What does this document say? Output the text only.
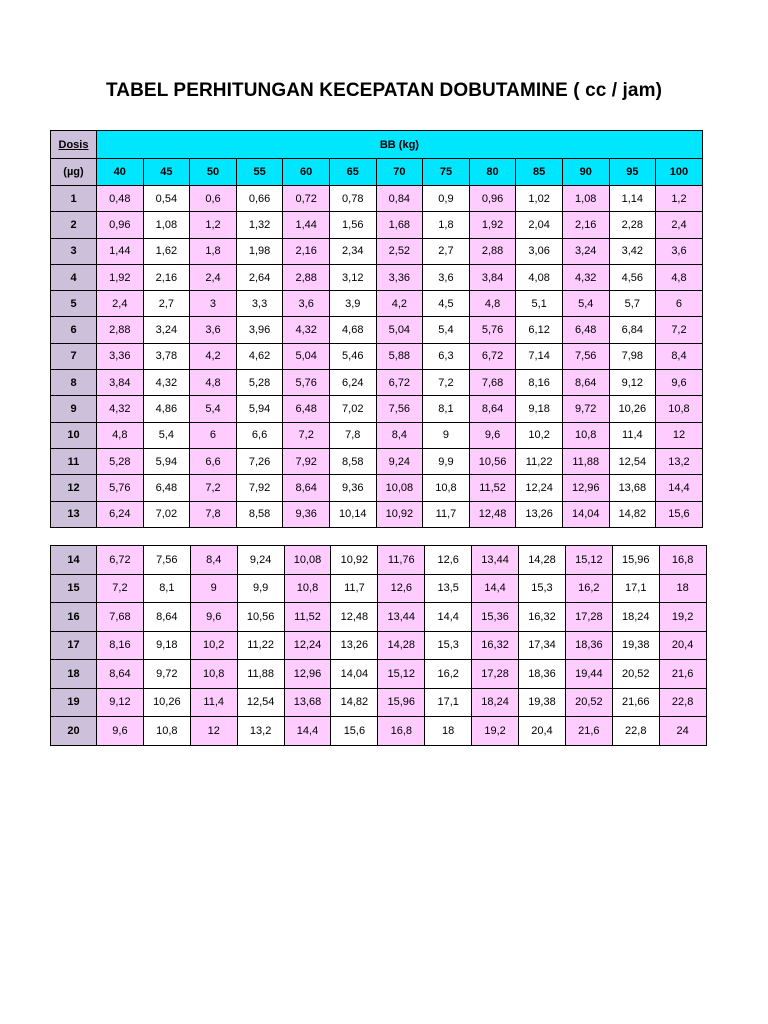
TABEL PERHITUNGAN KECEPATAN DOBUTAMINE ( cc / jam)
Dosis	BB (kg)												
(µg)	40	45	50	55	60	65	70	75	80	85	90	95	100
1	0,48	0,54	0,6	0,66	0,72	0,78	0,84	0,9	0,96	1,02	1,08	1,14	1,2
2	0,96	1,08	1,2	1,32	1,44	1,56	1,68	1,8	1,92	2,04	2,16	2,28	2,4
3	1,44	1,62	1,8	1,98	2,16	2,34	2,52	2,7	2,88	3,06	3,24	3,42	3,6
4	1,92	2,16	2,4	2,64	2,88	3,12	3,36	3,6	3,84	4,08	4,32	4,56	4,8
5	2,4	2,7	3	3,3	3,6	3,9	4,2	4,5	4,8	5,1	5,4	5,7	6
6	2,88	3,24	3,6	3,96	4,32	4,68	5,04	5,4	5,76	6,12	6,48	6,84	7,2
7	3,36	3,78	4,2	4,62	5,04	5,46	5,88	6,3	6,72	7,14	7,56	7,98	8,4
8	3,84	4,32	4,8	5,28	5,76	6,24	6,72	7,2	7,68	8,16	8,64	9,12	9,6
9	4,32	4,86	5,4	5,94	6,48	7,02	7,56	8,1	8,64	9,18	9,72	10,26	10,8
10	4,8	5,4	6	6,6	7,2	7,8	8,4	9	9,6	10,2	10,8	11,4	12
11	5,28	5,94	6,6	7,26	7,92	8,58	9,24	9,9	10,56	11,22	11,88	12,54	13,2
12	5,76	6,48	7,2	7,92	8,64	9,36	10,08	10,8	11,52	12,24	12,96	13,68	14,4
13	6,24	7,02	7,8	8,58	9,36	10,14	10,92	11,7	12,48	13,26	14,04	14,82	15,6
14	6,72	7,56	8,4	9,24	10,08	10,92	11,76	12,6	13,44	14,28	15,12	15,96	16,8
15	7,2	8,1	9	9,9	10,8	11,7	12,6	13,5	14,4	15,3	16,2	17,1	18
16	7,68	8,64	9,6	10,56	11,52	12,48	13,44	14,4	15,36	16,32	17,28	18,24	19,2
17	8,16	9,18	10,2	11,22	12,24	13,26	14,28	15,3	16,32	17,34	18,36	19,38	20,4
18	8,64	9,72	10,8	11,88	12,96	14,04	15,12	16,2	17,28	18,36	19,44	20,52	21,6
19	9,12	10,26	11,4	12,54	13,68	14,82	15,96	17,1	18,24	19,38	20,52	21,66	22,8
20	9,6	10,8	12	13,2	14,4	15,6	16,8	18	19,2	20,4	21,6	22,8	24
